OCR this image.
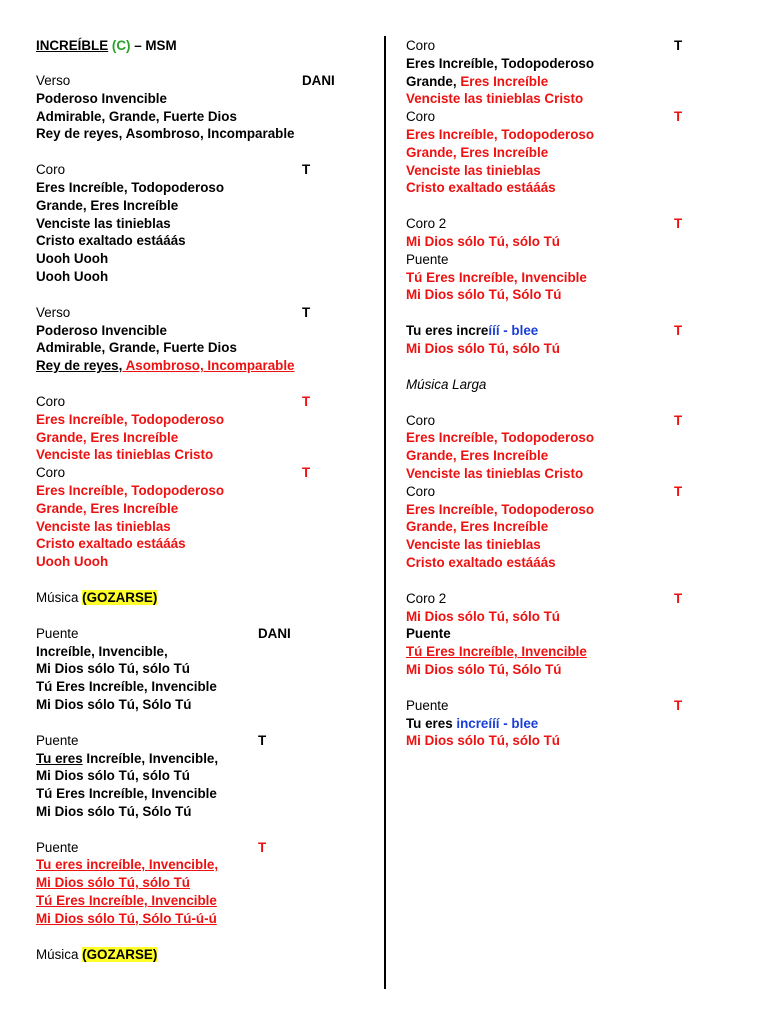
INCREÍBLE (C) – MSM
Verso	DANI
Poderoso Invencible
Admirable, Grande, Fuerte Dios
Rey de reyes, Asombroso, Incomparable
Coro	T
Eres Increíble, Todopoderoso
Grande, Eres Increíble
Venciste las tinieblas
Cristo exaltado estááás
Uooh Uooh
Uooh Uooh
Verso	T
Poderoso Invencible
Admirable, Grande, Fuerte Dios
Rey de reyes, Asombroso, Incomparable
Coro	T
Eres Increíble, Todopoderoso
Grande, Eres Increíble
Venciste las tinieblas Cristo
Coro	T
Eres Increíble, Todopoderoso
Grande, Eres Increíble
Venciste las tinieblas
Cristo exaltado estááás
Uooh Uooh
Música (GOZARSE)
Puente	DANI
Increíble, Invencible,
Mi Dios sólo Tú, sólo Tú
Tú Eres Increíble, Invencible
Mi Dios sólo Tú, Sólo Tú
Puente	T
Tu eres Increíble, Invencible,
Mi Dios sólo Tú, sólo Tú
Tú Eres Increíble, Invencible
Mi Dios sólo Tú, Sólo Tú
Puente	T
Tu eres increíble, Invencible,
Mi Dios sólo Tú, sólo Tú
Tú Eres Increíble, Invencible
Mi Dios sólo Tú, Sólo Tú-ú-ú
Música (GOZARSE)
Coro	T
Eres Increíble, Todopoderoso
Grande, Eres Increíble
Venciste las tinieblas Cristo
Coro	T
Eres Increíble, Todopoderoso
Grande, Eres Increíble
Venciste las tinieblas
Cristo exaltado estááás
Coro 2	T
Mi Dios sólo Tú, sólo Tú
Puente
Tú Eres Increíble, Invencible
Mi Dios sólo Tú, Sólo Tú
Tu eres increííí - blee	T
Mi Dios sólo Tú, sólo Tú
Música Larga
Coro	T
Eres Increíble, Todopoderoso
Grande, Eres Increíble
Venciste las tinieblas Cristo
Coro	T
Eres Increíble, Todopoderoso
Grande, Eres Increíble
Venciste las tinieblas
Cristo exaltado estááás
Coro 2	T
Mi Dios sólo Tú, sólo Tú
Puente
Tú Eres Increíble, Invencible
Mi Dios sólo Tú, Sólo Tú
Puente	T
Tu eres increííí - blee
Mi Dios sólo Tú, sólo Tú
